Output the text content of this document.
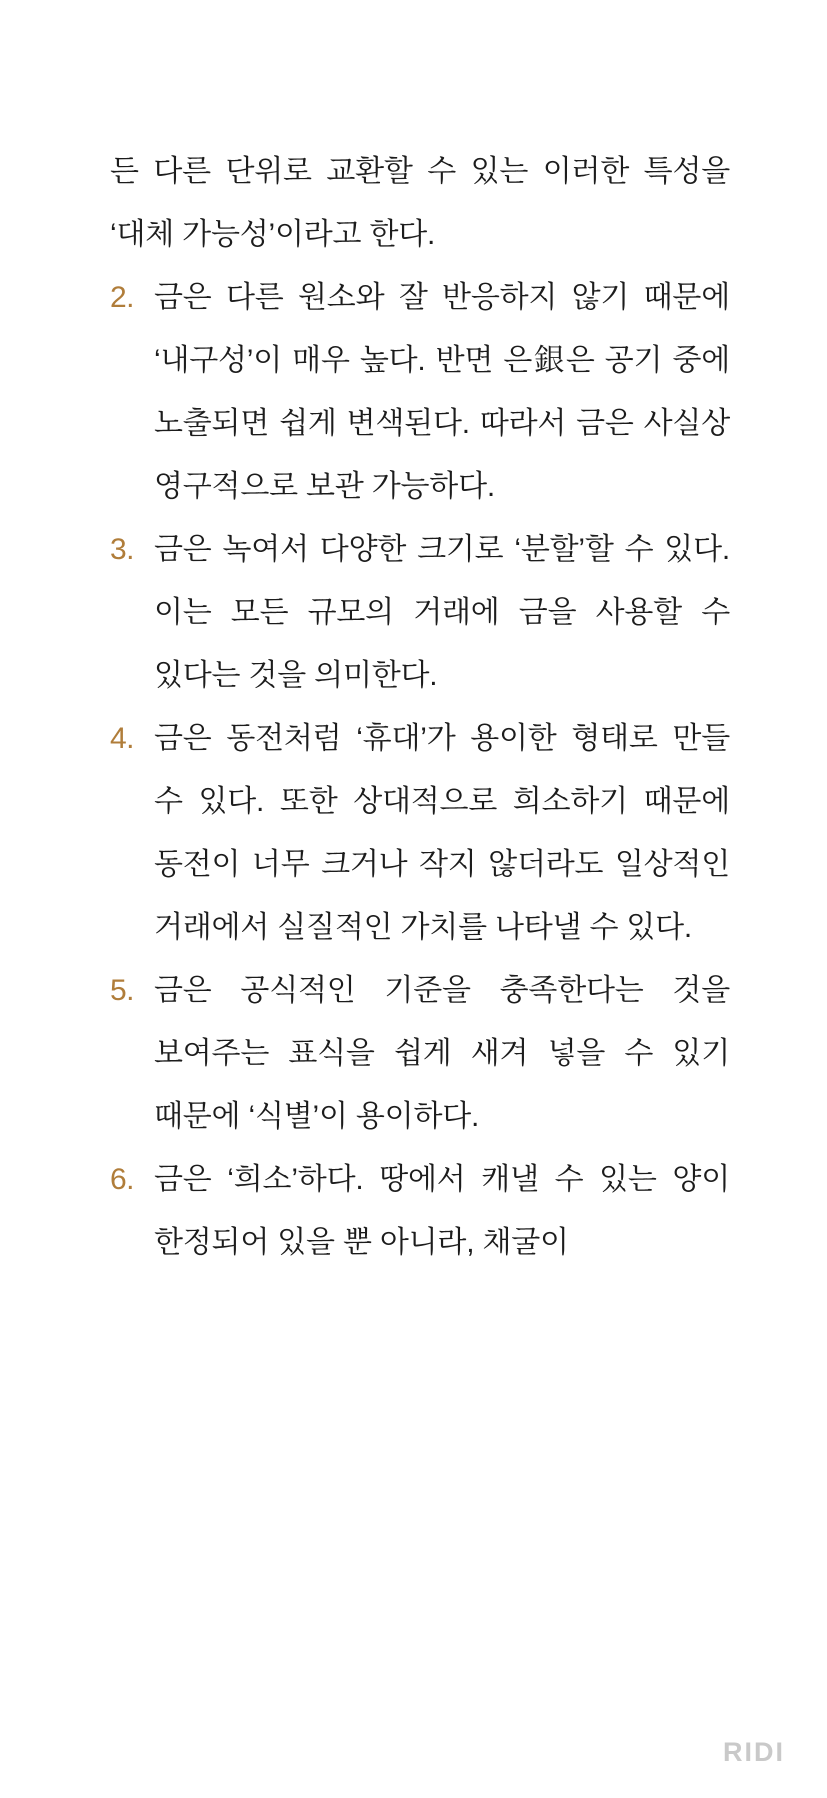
든 다른 단위로 교환할 수 있는 이러한 특성을 ‘대체 가능성’이라고 한다.
2. 금은 다른 원소와 잘 반응하지 않기 때문에 ‘내구성’이 매우 높다. 반면 은銀은 공기 중에 노출되면 쉽게 변색된다. 따라서 금은 사실상 영구적으로 보관 가능하다.
3. 금은 녹여서 다양한 크기로 ‘분할’할 수 있다. 이는 모든 규모의 거래에 금을 사용할 수 있다는 것을 의미한다.
4. 금은 동전처럼 ‘휴대’가 용이한 형태로 만들 수 있다. 또한 상대적으로 희소하기 때문에 동전이 너무 크거나 작지 않더라도 일상적인 거래에서 실질적인 가치를 나타낼 수 있다.
5. 금은 공식적인 기준을 충족한다는 것을 보여주는 표식을 쉽게 새겨 넣을 수 있기 때문에 ‘식별’이 용이하다.
6. 금은 ‘희소’하다. 땅에서 캐낼 수 있는 양이 한정되어 있을 뿐 아니라, 채굴이
RIDI
